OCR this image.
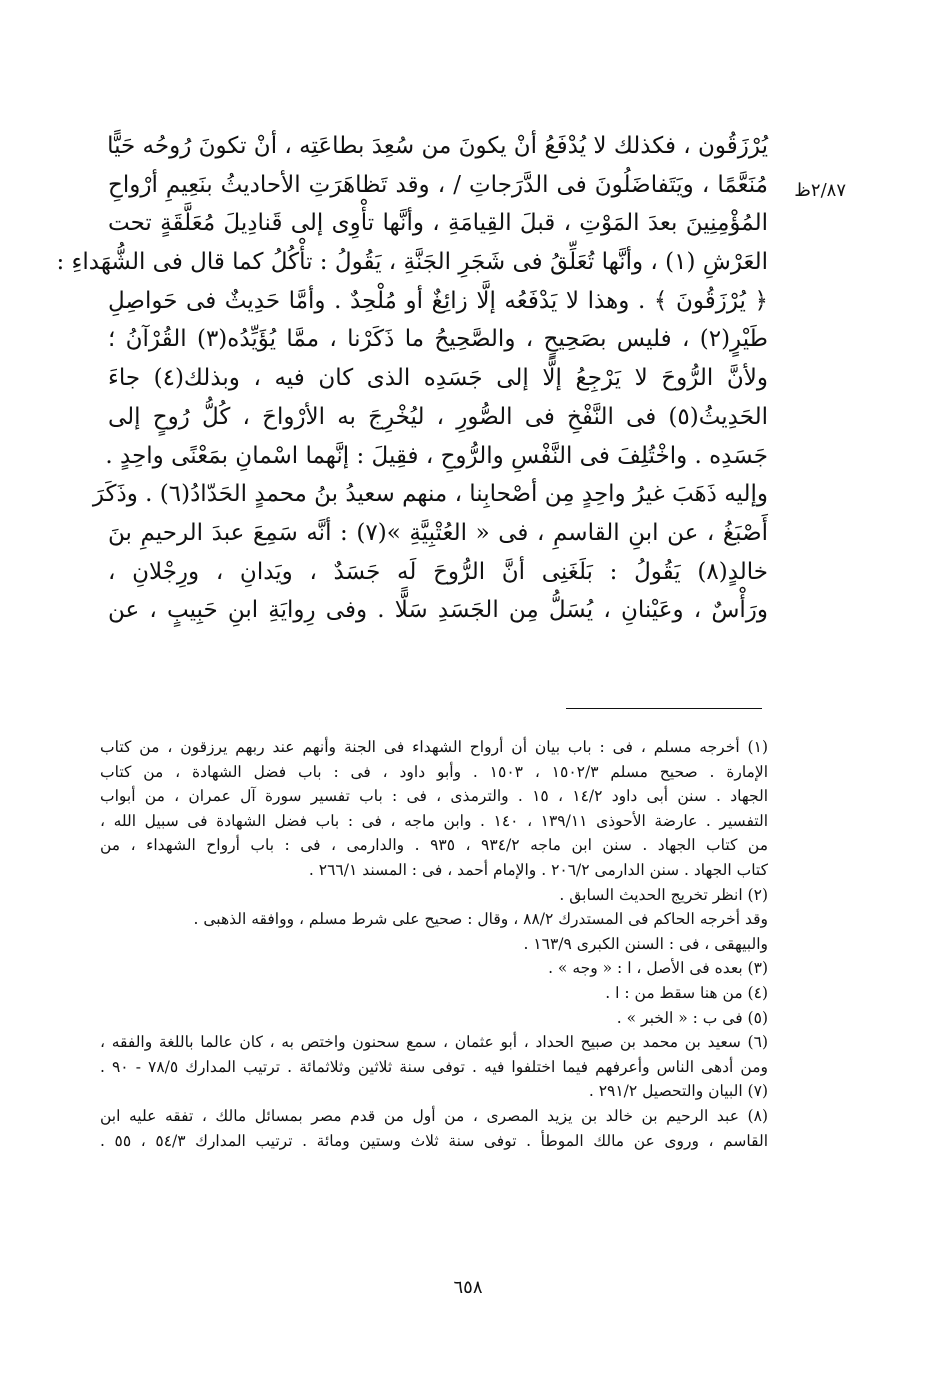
٢/٨٧ظ
يُرْزَقُون ، فكذلك لا يُدْفَعُ أنْ يكونَ من سُعِدَ بطاعَتِه ، أنْ تكونَ رُوحُه حَيًّا
مُنَعَّمًا ، ويَتَفاضَلُونَ فى الدَّرَجاتِ / ، وقد تَظاهَرَتِ الأحاديثُ بنَعِيمِ أرْواحِ
المُؤْمِنِينَ بعدَ المَوْتِ ، قبلَ القِيامَةِ ، وأنَّها تأْوِى إلى قَنادِيلَ مُعَلَّقَةٍ تحت
العَرْشِ (١) ، وأنَّها تُعَلِّقُ فى شَجَرِ الجَنَّةِ ، يَقُولُ : تأْكُلُ كما قال فى الشُّهَداءِ :
﴿ يُرْزَقُونَ ﴾ . وهذا لا يَدْفَعُه إلَّا زائِغٌ أو مُلْحِدٌ . وأمَّا حَدِيثٌ فى حَواصِلِ
طَيْرٍ(٢) ، فليس بصَحِيحٍ ، والصَّحِيحُ ما ذَكَرْنا ، ممَّا يُؤَيِّدُه(٣) القُرْآنُ ؛
ولأنَّ الرُّوحَ لا يَرْجِعُ إلَّا إلى جَسَدِه الذى كان فيه ، وبذلك(٤) جاءَ
الحَدِيثُ(٥) فى النَّفْخِ فى الصُّورِ ، ليُخْرِجَ به الأرْواحَ ، كُلُّ رُوحٍ إلى
جَسَدِه . واخْتُلِفَ فى النَّفْسِ والرُّوحِ ، فقِيلَ : إنَّهما اسْمانِ بمَعْنًى واحِدٍ .
وإليه ذَهَبَ غيرُ واحِدٍ مِن أصْحابِنا ، منهم سعيدُ بنُ محمدٍ الحَدّادُ(٦) . وذَكَرَ
أَصْبَغُ ، عن ابنِ القاسمِ ، فى « العُتْبِيَّةِ »(٧) : أنَّه سَمِعَ عبدَ الرحيمِ بنَ
خالدٍ(٨) يَقُولُ : بَلَغَنِى أنَّ الرُّوحَ لَه جَسَدٌ ، ويَدانِ ، ورِجْلانِ ،
ورَأْسٌ ، وعَيْنانِ ، يُسَلُّ مِن الجَسَدِ سَلًّا . وفى رِوايَةِ ابنِ حَبِيبٍ ، عن
(١) أخرجه مسلم ، فى : باب بيان أن أرواح الشهداء فى الجنة وأنهم عند ربهم يرزقون ، من كتاب
الإمارة . صحيح مسلم ١٥٠٢/٣ ، ١٥٠٣ . وأبو داود ، فى : باب فضل الشهادة ، من كتاب
الجهاد . سنن أبى داود ١٤/٢ ، ١٥ . والترمذى ، فى : باب تفسير سورة آل عمران ، من أبواب
التفسير . عارضة الأحوذى ١٣٩/١١ ، ١٤٠ . وابن ماجه ، فى : باب فضل الشهادة فى سبيل الله ،
من كتاب الجهاد . سنن ابن ماجه ٩٣٤/٢ ، ٩٣٥ . والدارمى ، فى : باب أرواح الشهداء ، من
كتاب الجهاد . سنن الدارمى ٢٠٦/٢ . والإمام أحمد ، فى : المسند ٢٦٦/١ .
(٢) انظر تخريج الحديث السابق .
وقد أخرجه الحاكم فى المستدرك ٨٨/٢ ، وقال : صحيح على شرط مسلم ، ووافقه الذهبى .
والبيهقى ، فى : السنن الكبرى ١٦٣/٩ .
(٣) بعده فى الأصل ، ا : « وجه » .
(٤) من هنا سقط من : ا .
(٥) فى ب : « الخبر » .
(٦) سعيد بن محمد بن صبيح الحداد ، أبو عثمان ، سمع سحنون واختص به ، كان عالما باللغة والفقه ،
ومن أدهى الناس وأعرفهم فيما اختلفوا فيه . توفى سنة ثلاثين وثلاثمائة . ترتيب المدارك ٧٨/٥ - ٩٠ .
(٧) البيان والتحصيل ٢٩١/٢ .
(٨) عبد الرحيم بن خالد بن يزيد المصرى ، من أول من قدم مصر بمسائل مالك ، تفقه عليه ابن
القاسم ، وروى عن مالك الموطأ . توفى سنة ثلاث وستين ومائة . ترتيب المدارك ٥٤/٣ ، ٥٥ .
٦٥٨
